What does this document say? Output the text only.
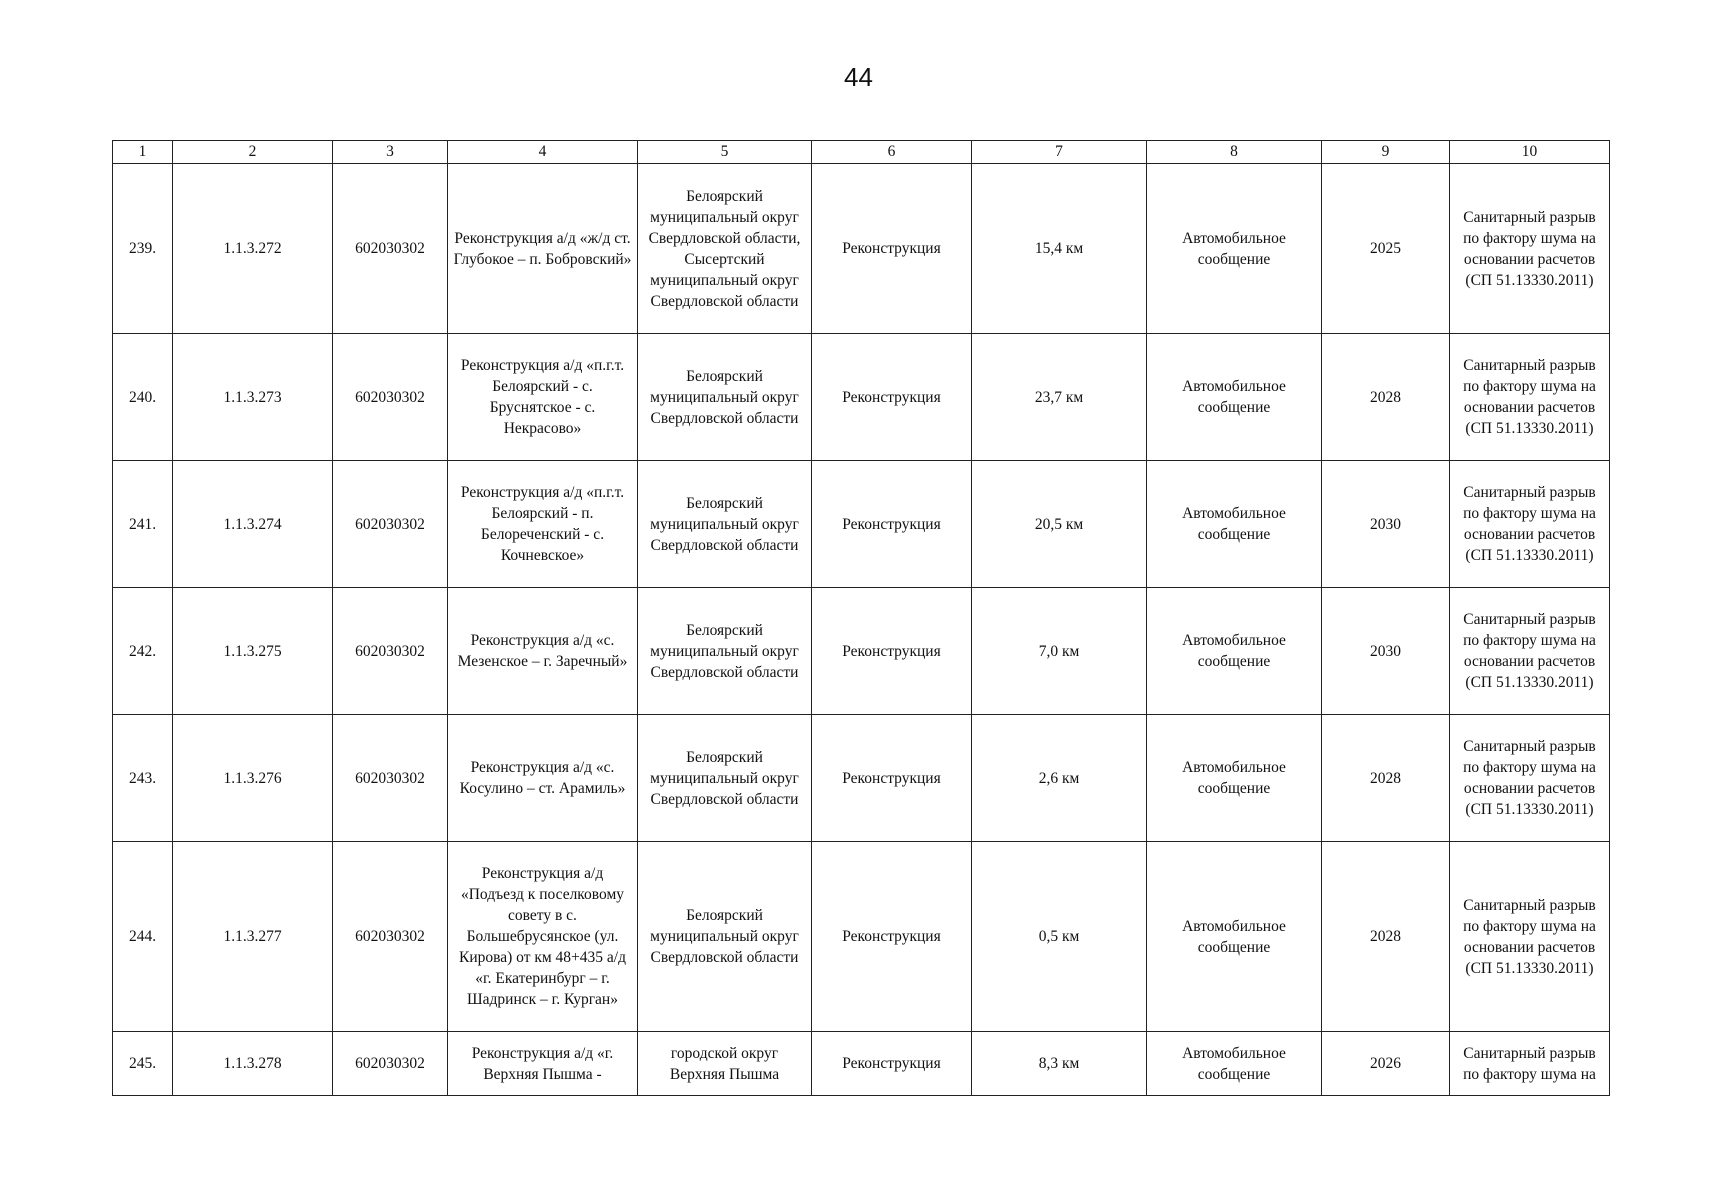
44
1	2	3	4	5	6	7	8	9	10
239.	1.1.3.272	602030302	Реконструкция а/д «ж/д ст. Глубокое – п. Бобровский»	Белоярский муниципальный округ Свердловской области, Сысертский муниципальный округ Свердловской области	Реконструкция	15,4 км	Автомобильное сообщение	2025	Санитарный разрыв по фактору шума на основании расчетов (СП 51.13330.2011)
240.	1.1.3.273	602030302	Реконструкция а/д «п.г.т. Белоярский - с. Бруснятское - с. Некрасово»	Белоярский муниципальный округ Свердловской области	Реконструкция	23,7 км	Автомобильное сообщение	2028	Санитарный разрыв по фактору шума на основании расчетов (СП 51.13330.2011)
241.	1.1.3.274	602030302	Реконструкция а/д «п.г.т. Белоярский - п. Белореченский - с. Кочневское»	Белоярский муниципальный округ Свердловской области	Реконструкция	20,5 км	Автомобильное сообщение	2030	Санитарный разрыв по фактору шума на основании расчетов (СП 51.13330.2011)
242.	1.1.3.275	602030302	Реконструкция а/д «с. Мезенское – г. Заречный»	Белоярский муниципальный округ Свердловской области	Реконструкция	7,0 км	Автомобильное сообщение	2030	Санитарный разрыв по фактору шума на основании расчетов (СП 51.13330.2011)
243.	1.1.3.276	602030302	Реконструкция а/д «с. Косулино – ст. Арамиль»	Белоярский муниципальный округ Свердловской области	Реконструкция	2,6 км	Автомобильное сообщение	2028	Санитарный разрыв по фактору шума на основании расчетов (СП 51.13330.2011)
244.	1.1.3.277	602030302	Реконструкция а/д «Подъезд к поселковому совету в с. Большебрусянское (ул. Кирова) от км 48+435 а/д «г. Екатеринбург – г. Шадринск – г. Курган»	Белоярский муниципальный округ Свердловской области	Реконструкция	0,5 км	Автомобильное сообщение	2028	Санитарный разрыв по фактору шума на основании расчетов (СП 51.13330.2011)
245.	1.1.3.278	602030302	Реконструкция а/д «г. Верхняя Пышма -	городской округ Верхняя Пышма	Реконструкция	8,3 км	Автомобильное сообщение	2026	Санитарный разрыв по фактору шума на
